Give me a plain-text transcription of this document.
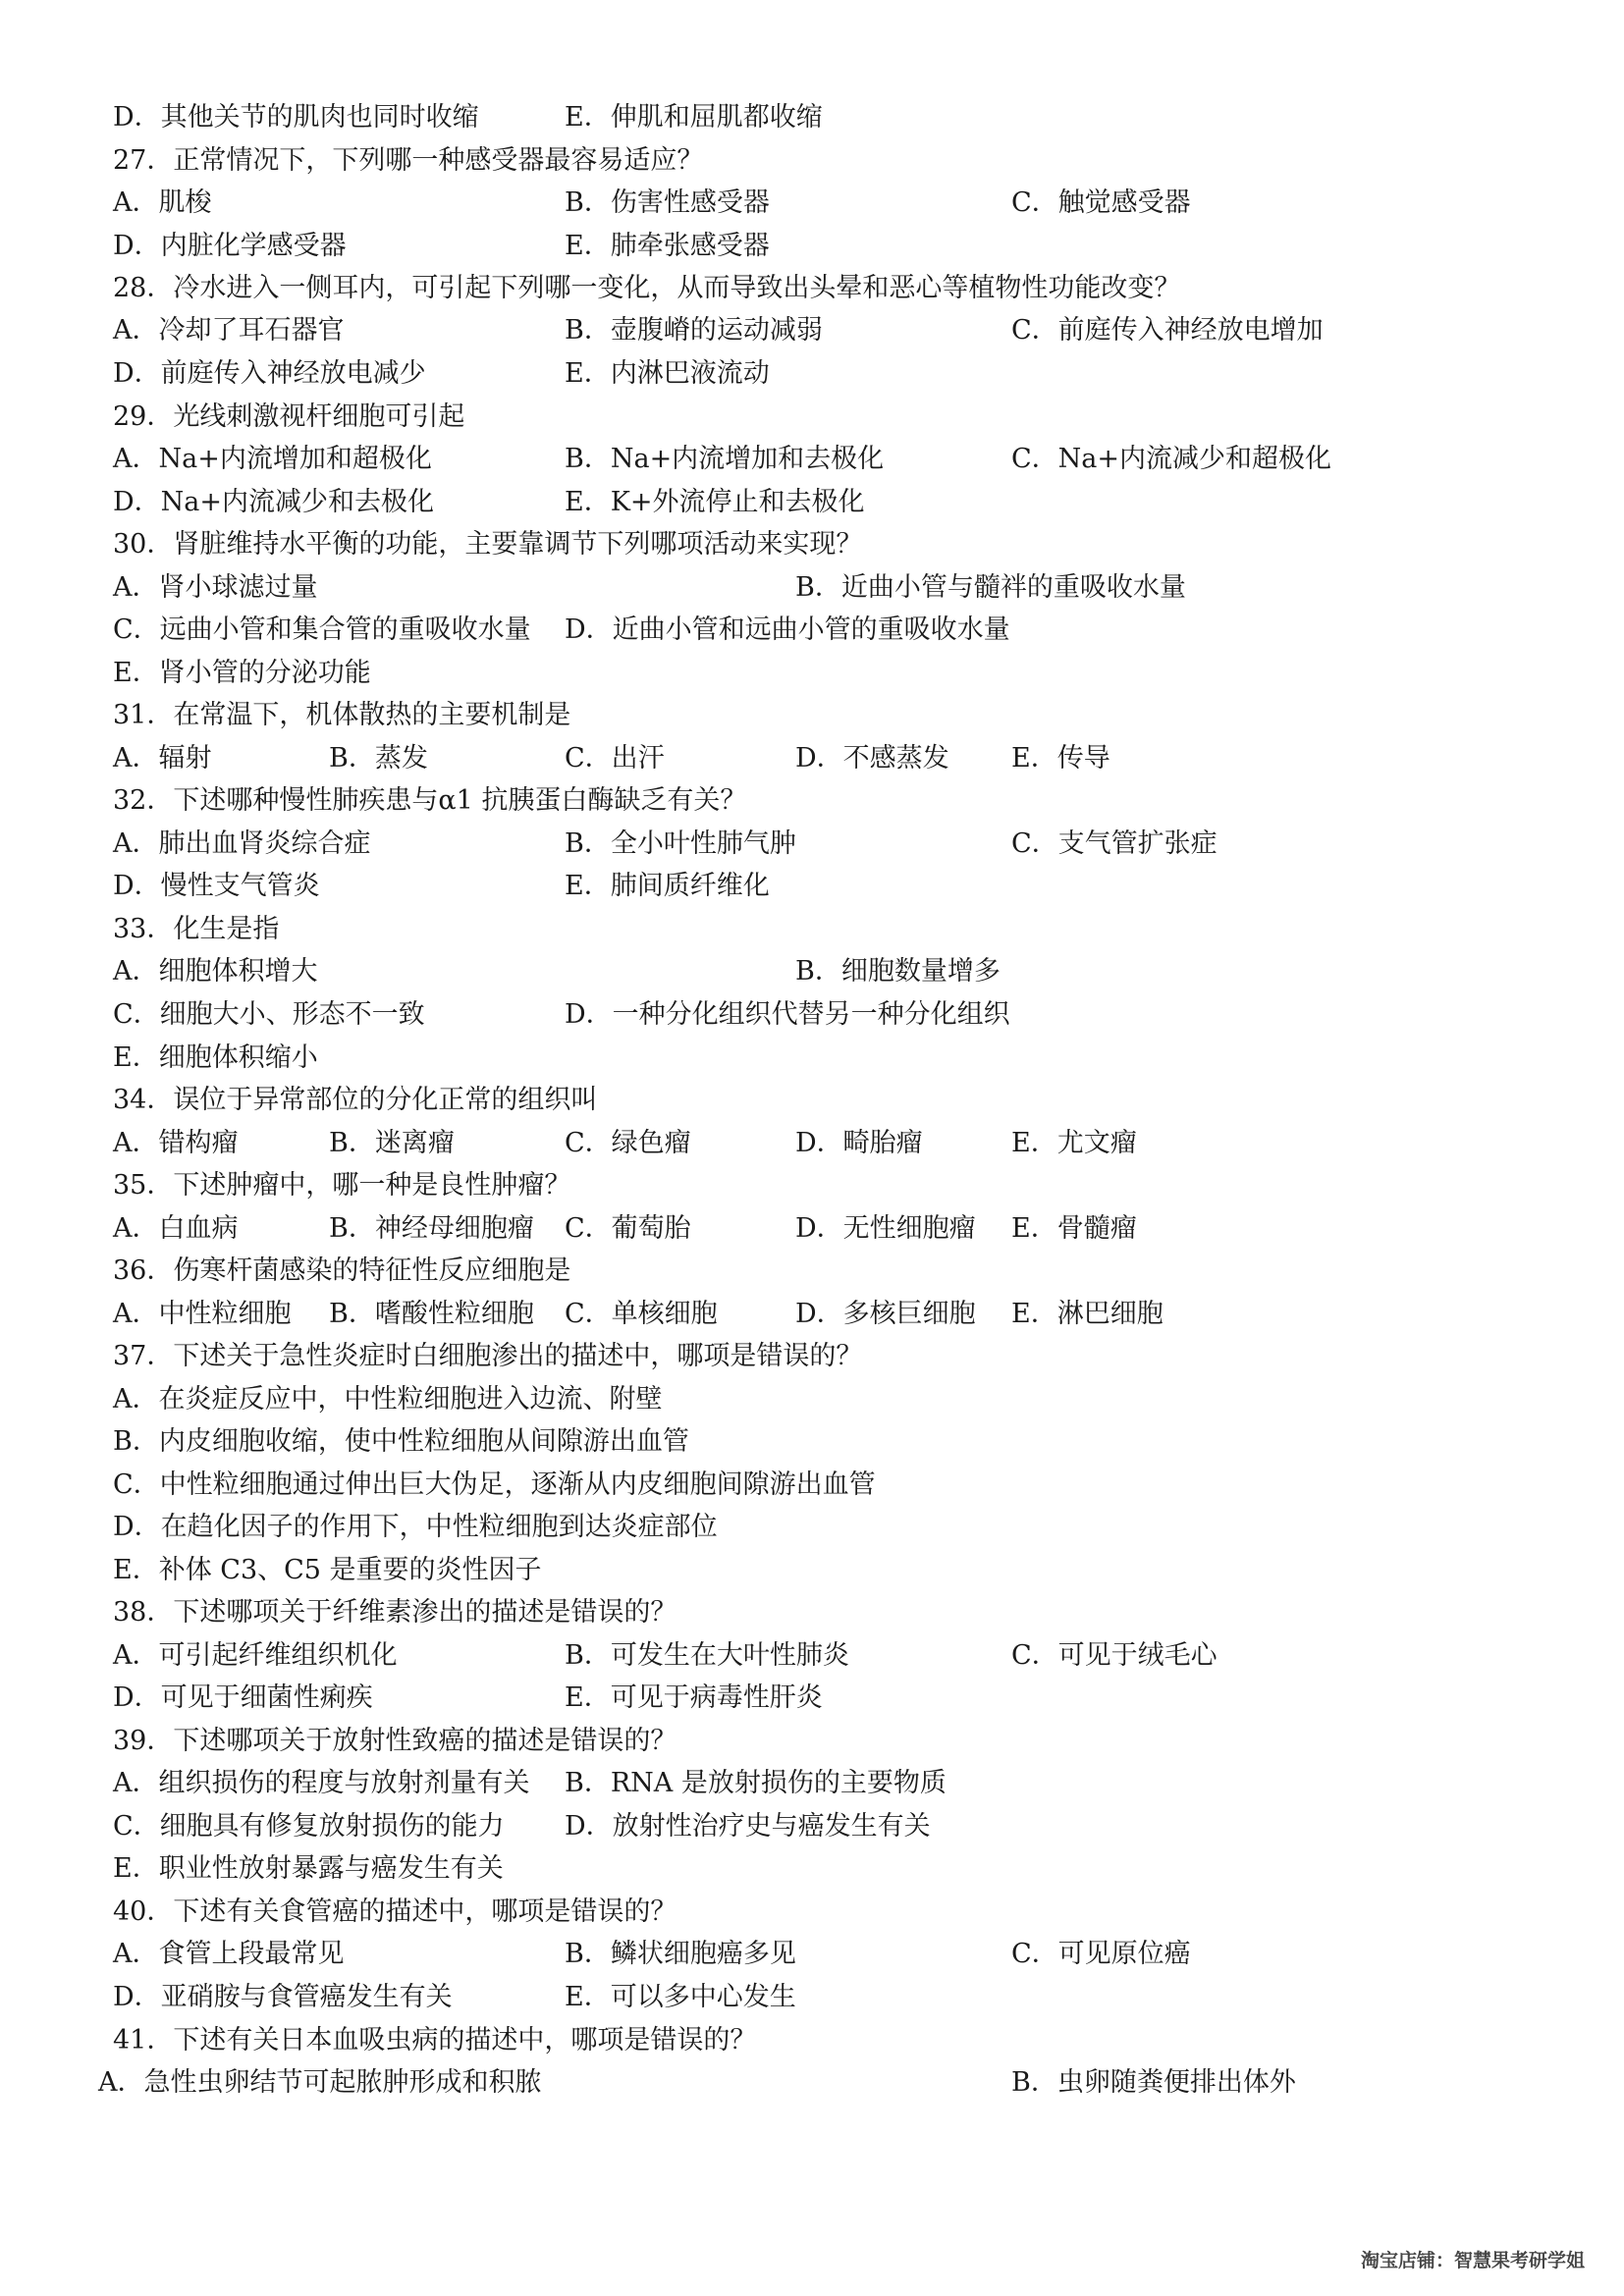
D．其他关节的肌肉也同时收缩	E．伸肌和屈肌都收缩
27．正常情况下，下列哪一种感受器最容易适应？
A．肌梭	B．伤害性感受器	C．触觉感受器
D．内脏化学感受器	E．肺牵张感受器
28．冷水进入一侧耳内，可引起下列哪一变化，从而导致出头晕和恶心等植物性功能改变？
A．冷却了耳石器官	B．壶腹嵴的运动减弱	C．前庭传入神经放电增加
D．前庭传入神经放电减少	E．内淋巴液流动
29．光线刺激视杆细胞可引起
A．Na+内流增加和超极化	B．Na+内流增加和去极化	C．Na+内流减少和超极化
D．Na+内流减少和去极化	E．K+外流停止和去极化
30．肾脏维持水平衡的功能，主要靠调节下列哪项活动来实现？
A．肾小球滤过量	B．近曲小管与髓袢的重吸收水量
C．远曲小管和集合管的重吸收水量 D．近曲小管和远曲小管的重吸收水量
E．肾小管的分泌功能
31．在常温下，机体散热的主要机制是
A．辐射	B．蒸发	C．出汗	D．不感蒸发 E．传导
32．下述哪种慢性肺疾患与α1 抗胰蛋白酶缺乏有关？
A．肺出血肾炎综合症	B．全小叶性肺气肿	C．支气管扩张症
D．慢性支气管炎	E．肺间质纤维化
33．化生是指
A．细胞体积增大	B．细胞数量增多
C．细胞大小、形态不一致	D．一种分化组织代替另一种分化组织
E．细胞体积缩小
34．误位于异常部位的分化正常的组织叫
A．错构瘤	B．迷离瘤	C．绿色瘤	D．畸胎瘤	E．尤文瘤
35．下述肿瘤中，哪一种是良性肿瘤？
A．白血病	B．神经母细胞瘤 C．葡萄胎	D．无性细胞瘤 E．骨髓瘤
36．伤寒杆菌感染的特征性反应细胞是
A．中性粒细胞 B．嗜酸性粒细胞 C．单核细胞	D．多核巨细胞 E．淋巴细胞
37．下述关于急性炎症时白细胞渗出的描述中，哪项是错误的？
A．在炎症反应中，中性粒细胞进入边流、附壁
B．内皮细胞收缩，使中性粒细胞从间隙游出血管
C．中性粒细胞通过伸出巨大伪足，逐渐从内皮细胞间隙游出血管
D．在趋化因子的作用下，中性粒细胞到达炎症部位
E．补体 C3、C5 是重要的炎性因子
38．下述哪项关于纤维素渗出的描述是错误的？
A．可引起纤维组织机化	B．可发生在大叶性肺炎	C．可见于绒毛心
D．可见于细菌性痢疾	E．可见于病毒性肝炎
39．下述哪项关于放射性致癌的描述是错误的？
A．组织损伤的程度与放射剂量有关 B．RNA 是放射损伤的主要物质
C．细胞具有修复放射损伤的能力 D．放射性治疗史与癌发生有关
E．职业性放射暴露与癌发生有关
40．下述有关食管癌的描述中，哪项是错误的？
A．食管上段最常见	B．鳞状细胞癌多见	C．可见原位癌
D．亚硝胺与食管癌发生有关	E．可以多中心发生
41．下述有关日本血吸虫病的描述中，哪项是错误的？
A．急性虫卵结节可起脓肿形成和积脓	B．虫卵随粪便排出体外
淘宝店铺：智慧果考研学姐
